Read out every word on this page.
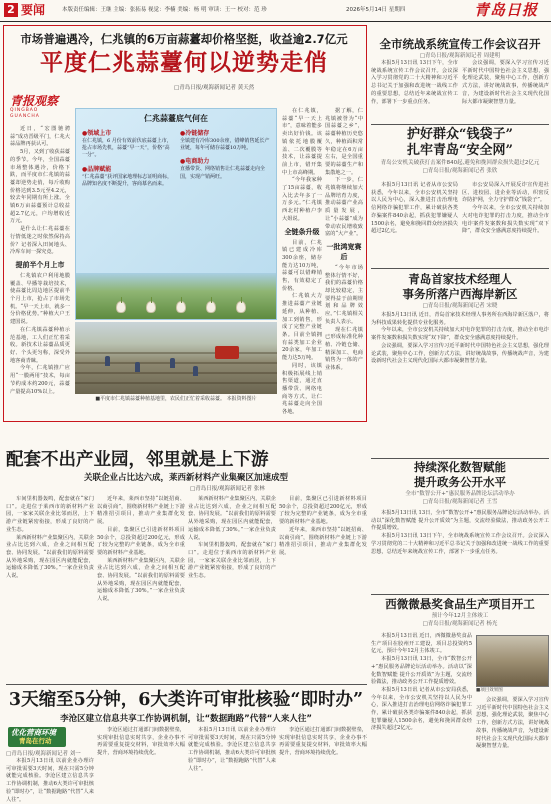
2 要闻	本版责任编辑：王继 主编：张拓易 视觉：李楠 美编：杨 明 审读：王一 校对：范 珍	2026年5月14日 星期四	青岛日报
市场普遍遇冷，仁兆镇的6万亩蒜薹却价格坚挺，收益逾2.7亿元
平度仁兆蒜薹何以逆势走俏
□青岛日报/观海新闻记者 黄天然
青报观察
QINGBAO GUANCHA

近日，“宏图驰骋蒜”成功晋级平门，仁兆大蒜品牌再获认可。

5月，又到了收获蒜薹的季节。今年，全国蒜薹市场整体遇冷，价格下跌，而平度市仁兆镇的蒜薹却逆势走俏，每斤收购价格达到3.5元至4.2元，较去年同期有所上涨。全镇6万亩蒜薹预计总收益超2.7亿元，户均增收近万元。

是什么让仁兆蒜薹在行情低迷之时依然保持高价？记者深入田间地头、冷库车间一探究竟。

提前半个月上市

仁兆镇农户利用地膜覆盖、早播等栽培技术，使蒜薹比周边地区提前半个月上市，抢占了市场先机。“早一天上市，就多一分价格优势。”种植大户王建国说。

在仁兆镇蒜薹种植示范基地，工人们正忙着采收。新技术让蒜薹品质更好、个头更匀称，深受外地客商青睐。

今年，仁兆镇推广应用“一膜两用”技术，每亩节约成本约200元，蒜薹产量提高10%以上。

仁兆蒜薹底气何在
●领域上市

在仁兆镇，6 月份有效前伏底蒜薹上市，抢占市场先机，蒜薹“早一天”，价格“高一分”。

●品牌赋能

“仁兆蒜薹”获评国家地理标志证明商标，品牌知名度不断提升，客商慕名而来。

●冷链储存

全镇建有冷库300余座，错峰销售延长产业链，每年可储存蒜薹10万吨。

●电商助力

直播带货、网络销售让仁兆蒜薹走向全国，实现产销两旺。

■平度市仁兆镇蒜薹种植基地里，农民们正忙着采收蒜薹。 本报资料图片

在仁兆镇，蒜薹“早一天上市”，意味着能多卖出好价钱。该镇依托地膜覆盖、二次覆膜等技术，让蒜薹提前上市，错开集中上市高峰期。

“今年我家种了15亩蒜薹，收入比去年多了一万多元。”仁兆镇西北村种植户李大姐说。

全链条升级

目前，仁兆镇已建成冷库300余座，储存能力达10万吨，蒜薹可以错峰销售，有效稳定了价格。

仁兆镇大力推进蒜薹产业链延伸，从种植、加工到销售，形成了完整产业链条。目前全镇拥有蒜类加工企业20余家，年加工能力达5万吨。

同时，该镇积极拓展线上销售渠道，通过直播带货、网络电商等方式，让仁兆蒜薹走向全国各地。

据了解，仁兆镇被誉为“中国蒜薹之乡”，蒜薹种植历史悠久，种植面积常年稳定在6万亩左右，是全国重要的蒜薹生产和集散地之一。

下一步，仁兆镇将继续加大品牌培育力度，推动蒜薹产业高质量发展，让“小蒜薹”成为带动农民增收致富的“大产业”。

一批鸿宽赛后

“今年市场整体行情不好，我们的蒜薹价格却比较稳定，主要得益于前期规划和品牌效应。”仁兆镇相关负责人表示。

现在仁兆镇已形成标准化种植、冷链仓储、精深加工、电商销售为一体的产业体系。

全市统战系统宣传工作会议召开
□青岛日报/观海新闻记者 周建明

本报5月13日讯 13日下午，全市统战系统宣传工作会议召开。会议深入学习贯彻党的二十大精神和习近平总书记关于加强和改进统一战线工作的重要思想，总结近年来统战宣传工作，部署下一步重点任务。

会议强调，要深入学习宣传习近平新时代中国特色社会主义思想，强化理论武装，聚焦中心工作，创新方式方法，讲好统战故事，传播统战声音，为建设新时代社会主义现代化国际大都市凝聚智慧力量。

护好群众“钱袋子”
扎牢青岛“安全网”
青岛公安机关破获打击案件840起,避免和挽回群众损失超过2亿元
□青岛日报/观海新闻记者 张欣

本报5月13日讯 记者从市公安局获悉，今年以来，全市公安机关坚持以人民为中心，深入推进打击治理电信网络诈骗犯罪工作，累计破获各类诈骗案件840余起，抓获犯罪嫌疑人1500余名，避免和挽回群众经济损失超过2亿元。

市公安局深入开展反诈宣传进社区、进校园、进企业等活动，织密反诈防护网，全力守护群众“钱袋子”。

今年以来，全市公安机关持续加大对电诈犯罪的打击力度，推动全市电诈案件发案数和损失数实现“双下降”，群众安全感满意度持续提升。

青岛首家技术经理人
事务所落户西海岸新区
□青岛日报/观海新闻记者 宋晓

本报5月13日讯 近日，青岛首家技术经理人事务所在西海岸新区落户，将为科技成果转化提供专业化服务。

今年以来，全市公安机关持续加大对电诈犯罪的打击力度，推动全市电诈案件发案数和损失数实现“双下降”，群众安全感满意度持续提升。

会议强调，要深入学习宣传习近平新时代中国特色社会主义思想，强化理论武装，聚焦中心工作，创新方式方法，讲好统战故事，传播统战声音，为建设新时代社会主义现代化国际大都市凝聚智慧力量。

持续深化数智赋能
提升政务公开水平
全市“数智公开+”惠民服务品牌论坛活动举办
□青岛日报/观海新闻记者 王雪

本报5月13日讯 13日，全市“数智公开+”惠民服务品牌论坛活动举办。活动以“深化数智赋能 提升公开质效”为主题，交流经验做法，推动政务公开工作提质增效。

本报5月13日讯 13日下午，全市统战系统宣传工作会议召开。会议深入学习贯彻党的二十大精神和习近平总书记关于加强和改进统一战线工作的重要思想，总结近年来统战宣传工作，部署下一步重点任务。

西微微悬奖食品生产项目开工
预计今年12月主体竣工
□青岛日报/观海新闻记者 杨光

本报5月13日讯 近日，西微微悬奖食品生产项目在胶州开工建设，项目总投资约5亿元，预计今年12月主体竣工。

本报5月13日讯 13日，全市“数智公开+”惠民服务品牌论坛活动举办。活动以“深化数智赋能 提升公开质效”为主题，交流经验做法，推动政务公开工作提质增效。

本报5月13日讯 记者从市公安局获悉，今年以来，全市公安机关坚持以人民为中心，深入推进打击治理电信网络诈骗犯罪工作，累计破获各类诈骗案件840余起，抓获犯罪嫌疑人1500余名，避免和挽回群众经济损失超过2亿元。

■项目效果图

会议强调，要深入学习宣传习近平新时代中国特色社会主义思想，强化理论武装，聚焦中心工作，创新方式方法，讲好统战故事，传播统战声音，为建设新时代社会主义现代化国际大都市凝聚智慧力量。

配套不出产业园，邻里就是上下游
关联企业占比达六成，莱西新材料产业集聚区加速成型
□青岛日报/观海新闻记者 张林

车间里机器轰鸣，配套就在“家门口”。走进位于莱西市的新材料产业园，一家家关联企业比邻而居，上下游产业链紧密衔接，形成了良好的产业生态。

莱西新材料产业集聚区内，关联企业占比达到六成，企业之间相互配套、协同发展。“以前我们的原料需要从外地采购，现在园区内就能配套，运输成本降低了30%。”一家企业负责人说。

近年来，莱西市坚持“以链招商、以商引商”，围绕新材料产业链上下游精准招引项目，推动产业集群化发展。

目前，集聚区已引进新材料项目50余个，总投资超过200亿元，形成了较为完整的产业链条，成为全市重要的新材料产业基地。

莱西新材料产业集聚区内，关联企业占比达到六成，企业之间相互配套、协同发展。“以前我们的原料需要从外地采购，现在园区内就能配套，运输成本降低了30%。”一家企业负责人说。

莱西新材料产业集聚区内，关联企业占比达到六成，企业之间相互配套、协同发展。“以前我们的原料需要从外地采购，现在园区内就能配套，运输成本降低了30%。”一家企业负责人说。

车间里机器轰鸣，配套就在“家门口”。走进位于莱西市的新材料产业园，一家家关联企业比邻而居，上下游产业链紧密衔接，形成了良好的产业生态。

目前，集聚区已引进新材料项目50余个，总投资超过200亿元，形成了较为完整的产业链条，成为全市重要的新材料产业基地。

近年来，莱西市坚持“以链招商、以商引商”，围绕新材料产业链上下游精准招引项目，推动产业集群化发展。

3天缩至5分钟，6大类许可审批核验“即时办”
李沧区建立信息共享工作协调机制，让“数据跑路”代替“人来人往”
优化营商环境
青岛在行动
□青岛日报/观海新闻记者 刘一

本报5月13日讯 以前企业办理许可审批需要3天时间，现在只需5分钟就能完成核验。李沧区建立信息共享工作协调机制，推动6大类许可审批核验“即时办”，让“数据跑路”代替“人来人往”。

李沧区通过打通部门间数据壁垒，实现审批信息实时共享，企业办事不再需要重复提交材料，审批效率大幅提升，营商环境持续优化。

本报5月13日讯 以前企业办理许可审批需要3天时间，现在只需5分钟就能完成核验。李沧区建立信息共享工作协调机制，推动6大类许可审批核验“即时办”，让“数据跑路”代替“人来人往”。

李沧区通过打通部门间数据壁垒，实现审批信息实时共享，企业办事不再需要重复提交材料，审批效率大幅提升，营商环境持续优化。
